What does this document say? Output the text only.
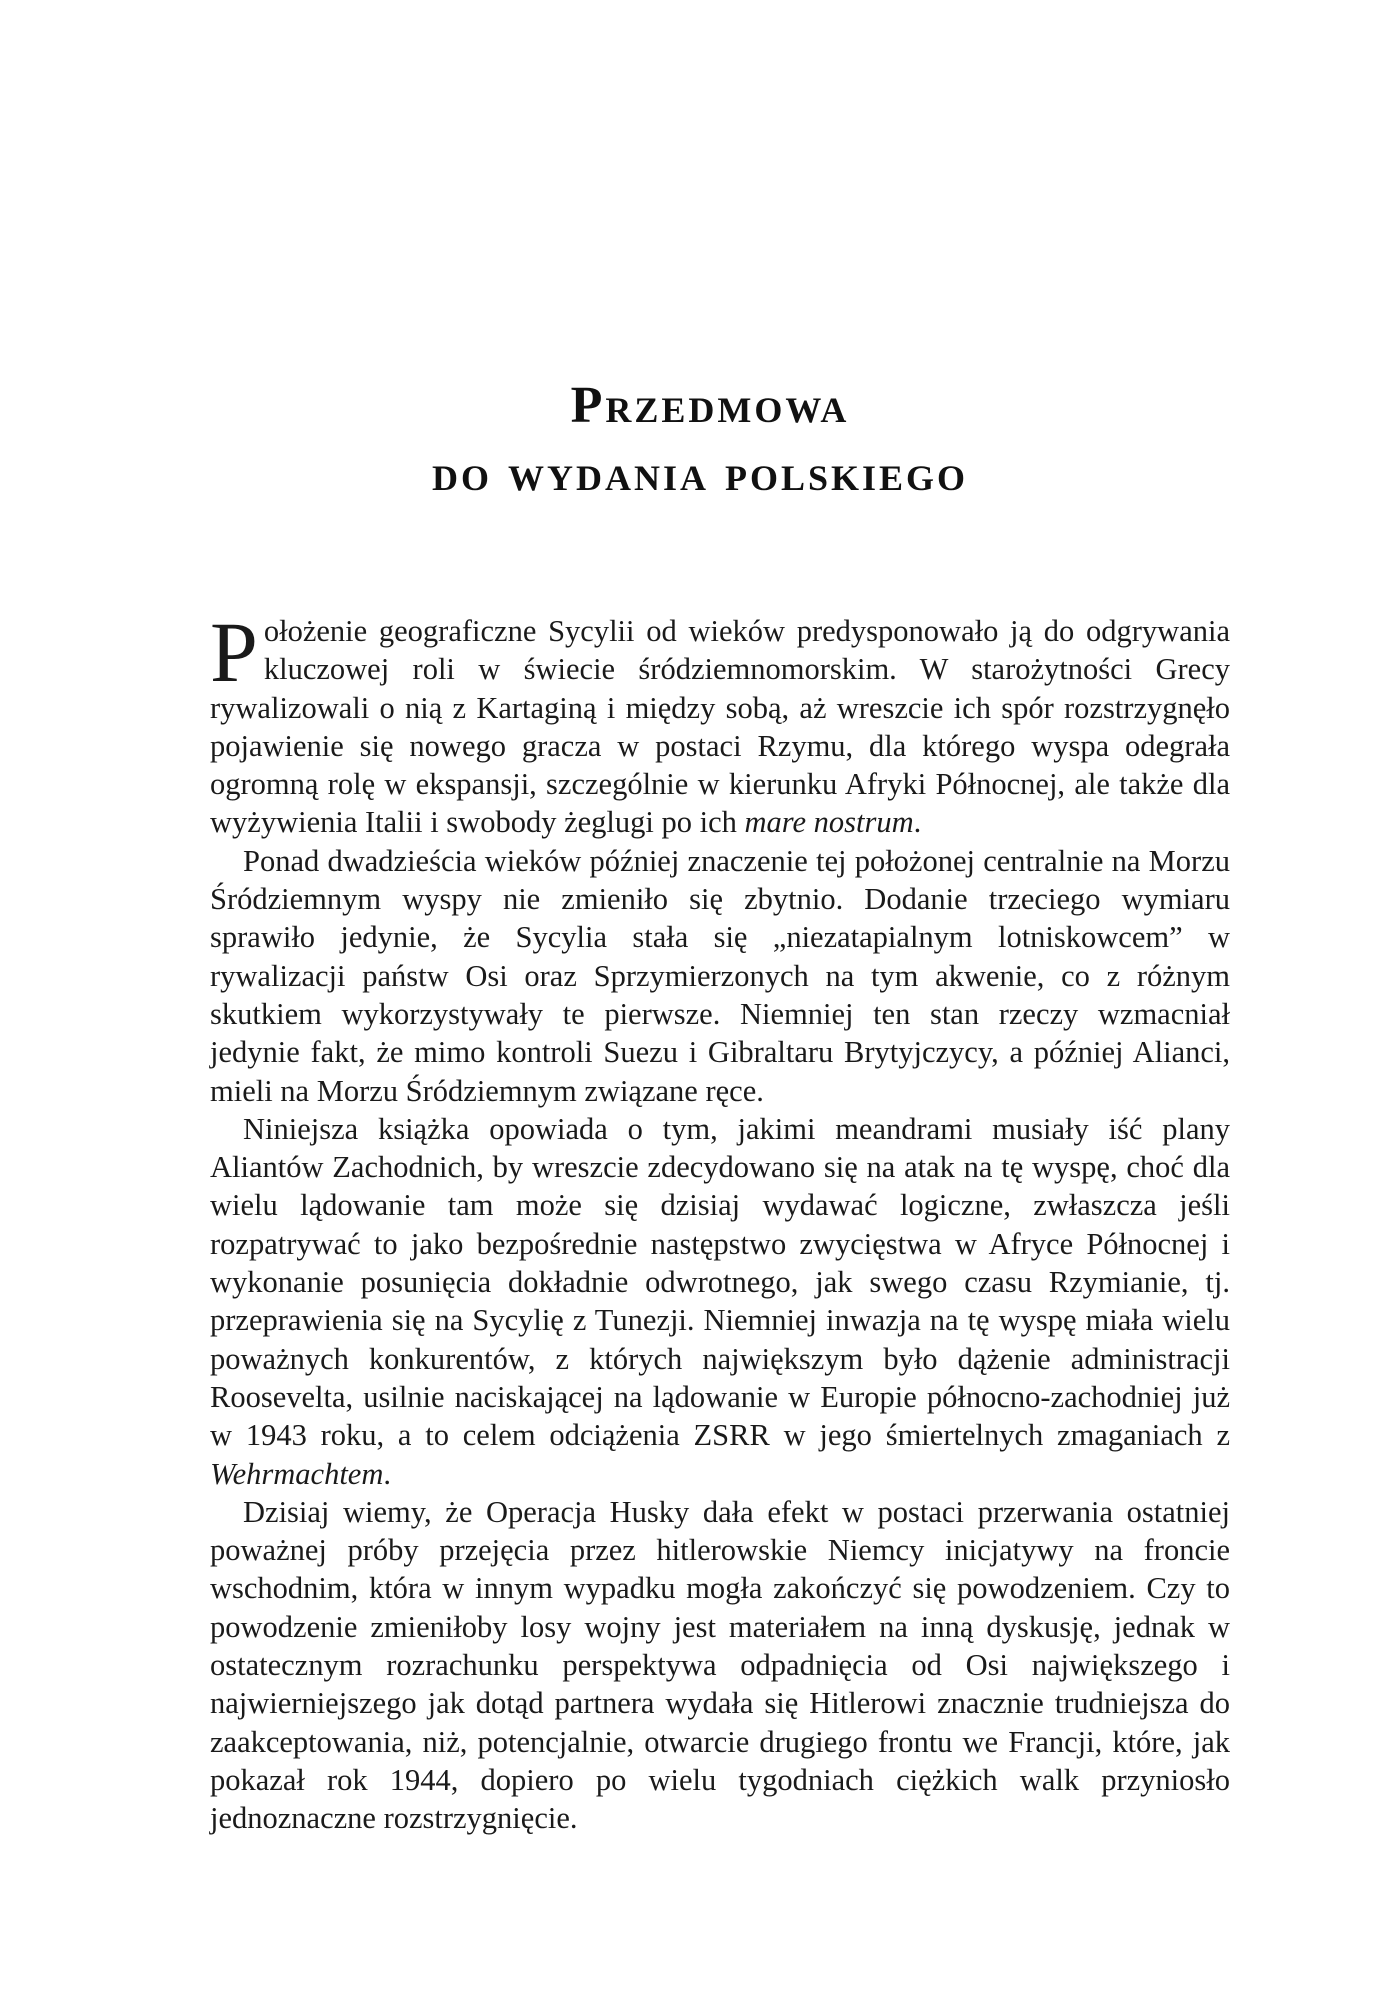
Przedmowa
do wydania polskiego

Położenie geograficzne Sycylii od wieków predysponowało ją do odgrywania kluczowej roli w świecie śródziemnomorskim. W starożytności Grecy rywalizowali o nią z Kartaginą i między sobą, aż wreszcie ich spór rozstrzygnęło pojawienie się nowego gracza w postaci Rzymu, dla którego wyspa odegrała ogromną rolę w ekspansji, szczególnie w kierunku Afryki Północnej, ale także dla wyżywienia Italii i swobody żeglugi po ich mare nostrum.

Ponad dwadzieścia wieków później znaczenie tej położonej centralnie na Morzu Śródziemnym wyspy nie zmieniło się zbytnio. Dodanie trzeciego wymiaru sprawiło jedynie, że Sycylia stała się „niezatapialnym lotniskowcem” w rywalizacji państw Osi oraz Sprzymierzonych na tym akwenie, co z różnym skutkiem wykorzystywały te pierwsze. Niemniej ten stan rzeczy wzmacniał jedynie fakt, że mimo kontroli Suezu i Gibraltaru Brytyjczycy, a później Alianci, mieli na Morzu Śródziemnym związane ręce.

Niniejsza książka opowiada o tym, jakimi meandrami musiały iść plany Aliantów Zachodnich, by wreszcie zdecydowano się na atak na tę wyspę, choć dla wielu lądowanie tam może się dzisiaj wydawać logiczne, zwłaszcza jeśli rozpatrywać to jako bezpośrednie następstwo zwycięstwa w Afryce Północnej i wykonanie posunięcia dokładnie odwrotnego, jak swego czasu Rzymianie, tj. przeprawienia się na Sycylię z Tunezji. Niemniej inwazja na tę wyspę miała wielu poważnych konkurentów, z których największym było dążenie administracji Roosevelta, usilnie naciskającej na lądowanie w Europie północno-zachodniej już w 1943 roku, a to celem odciążenia ZSRR w jego śmiertelnych zmaganiach z Wehrmachtem.

Dzisiaj wiemy, że Operacja Husky dała efekt w postaci przerwania ostatniej poważnej próby przejęcia przez hitlerowskie Niemcy inicjatywy na froncie wschodnim, która w innym wypadku mogła zakończyć się powodzeniem. Czy to powodzenie zmieniłoby losy wojny jest materiałem na inną dyskusję, jednak w ostatecznym rozrachunku perspektywa odpadnięcia od Osi największego i najwierniejszego jak dotąd partnera wydała się Hitlerowi znacznie trudniejsza do zaakceptowania, niż, potencjalnie, otwarcie drugiego frontu we Francji, które, jak pokazał rok 1944, dopiero po wielu tygodniach ciężkich walk przyniosło jednoznaczne rozstrzygnięcie.
